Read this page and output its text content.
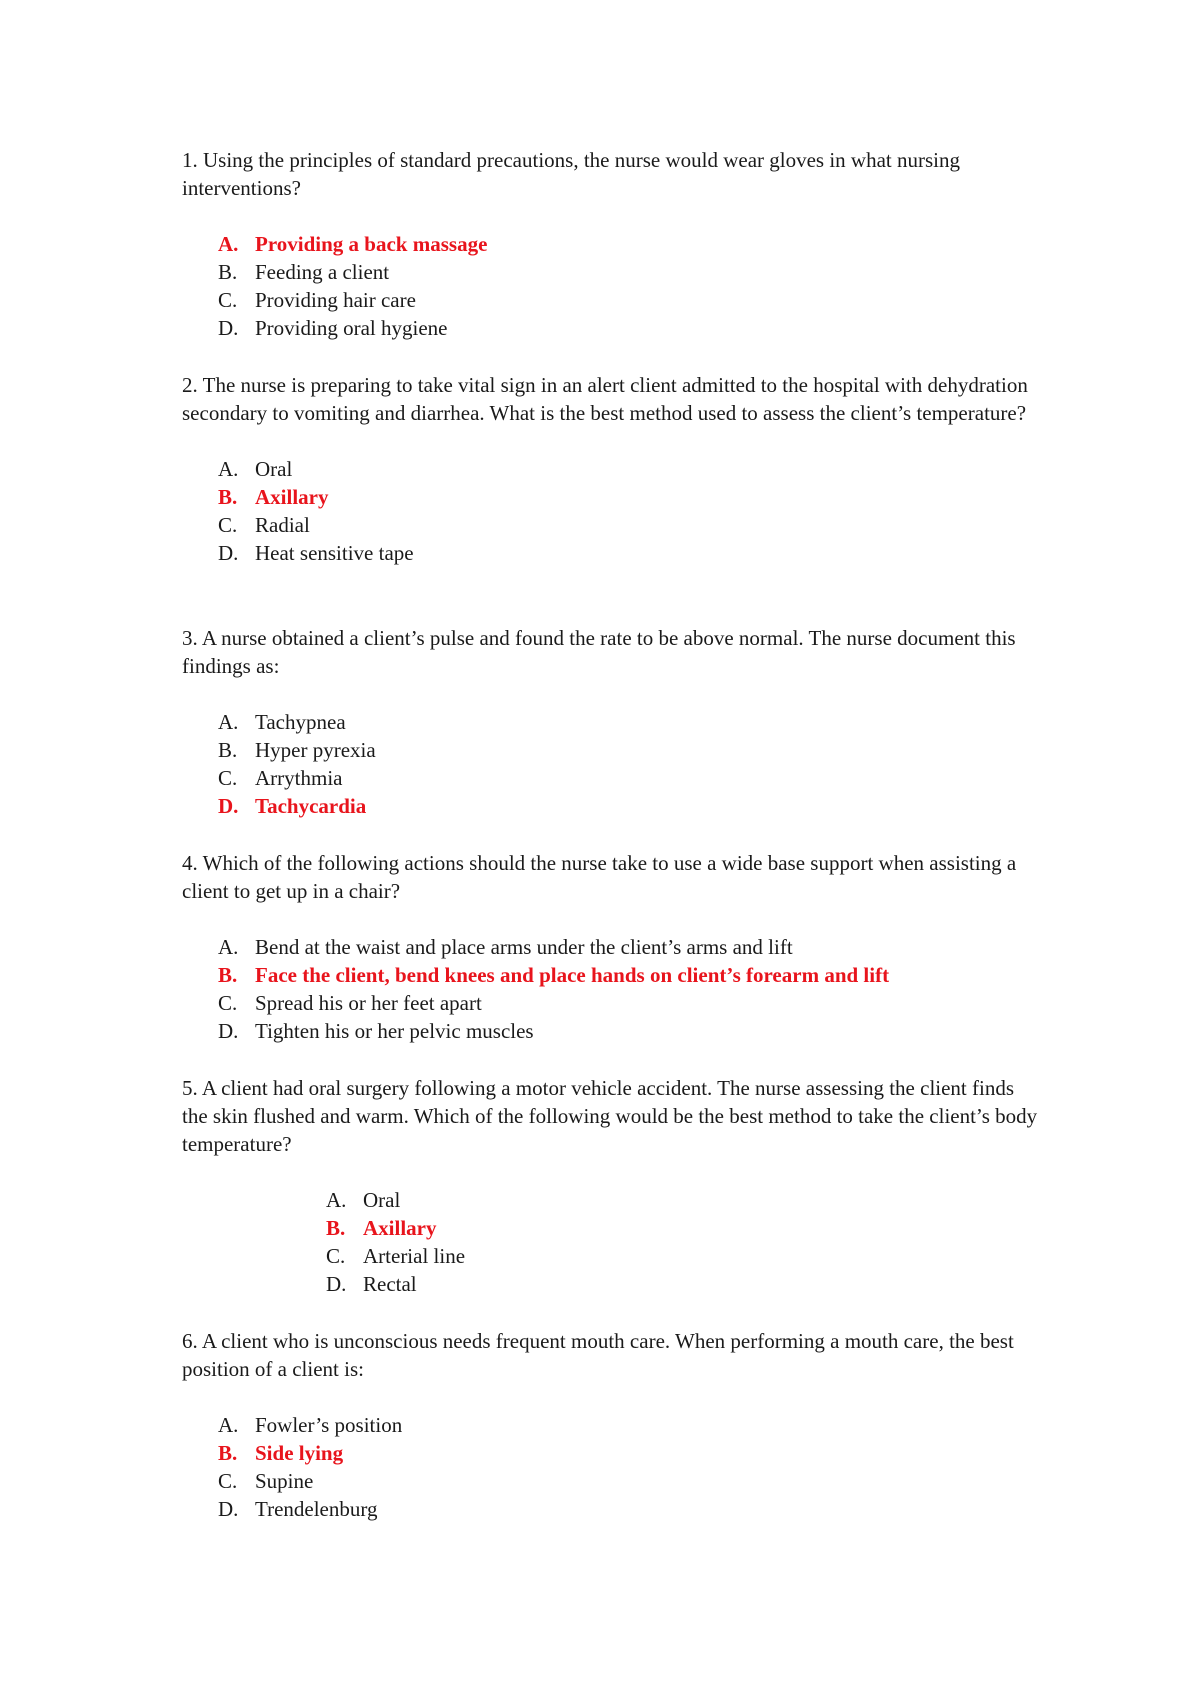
1. Using the principles of standard precautions, the nurse would wear gloves in what nursing interventions?

A. Providing a back massage
B. Feeding a client
C. Providing hair care
D. Providing oral hygiene

2. The nurse is preparing to take vital sign in an alert client admitted to the hospital with dehydration secondary to vomiting and diarrhea. What is the best method used to assess the client’s temperature?

A. Oral
B. Axillary
C. Radial
D. Heat sensitive tape

3. A nurse obtained a client’s pulse and found the rate to be above normal. The nurse document this findings as:

A. Tachypnea
B. Hyper pyrexia
C. Arrythmia
D. Tachycardia

4. Which of the following actions should the nurse take to use a wide base support when assisting a client to get up in a chair?

A. Bend at the waist and place arms under the client’s arms and lift
B. Face the client, bend knees and place hands on client’s forearm and lift
C. Spread his or her feet apart
D. Tighten his or her pelvic muscles

5. A client had oral surgery following a motor vehicle accident. The nurse assessing the client finds the skin flushed and warm. Which of the following would be the best method to take the client’s body temperature?

A. Oral
B. Axillary
C. Arterial line
D. Rectal

6. A client who is unconscious needs frequent mouth care. When performing a mouth care, the best position of a client is:

A. Fowler’s position
B. Side lying
C. Supine
D. Trendelenburg
